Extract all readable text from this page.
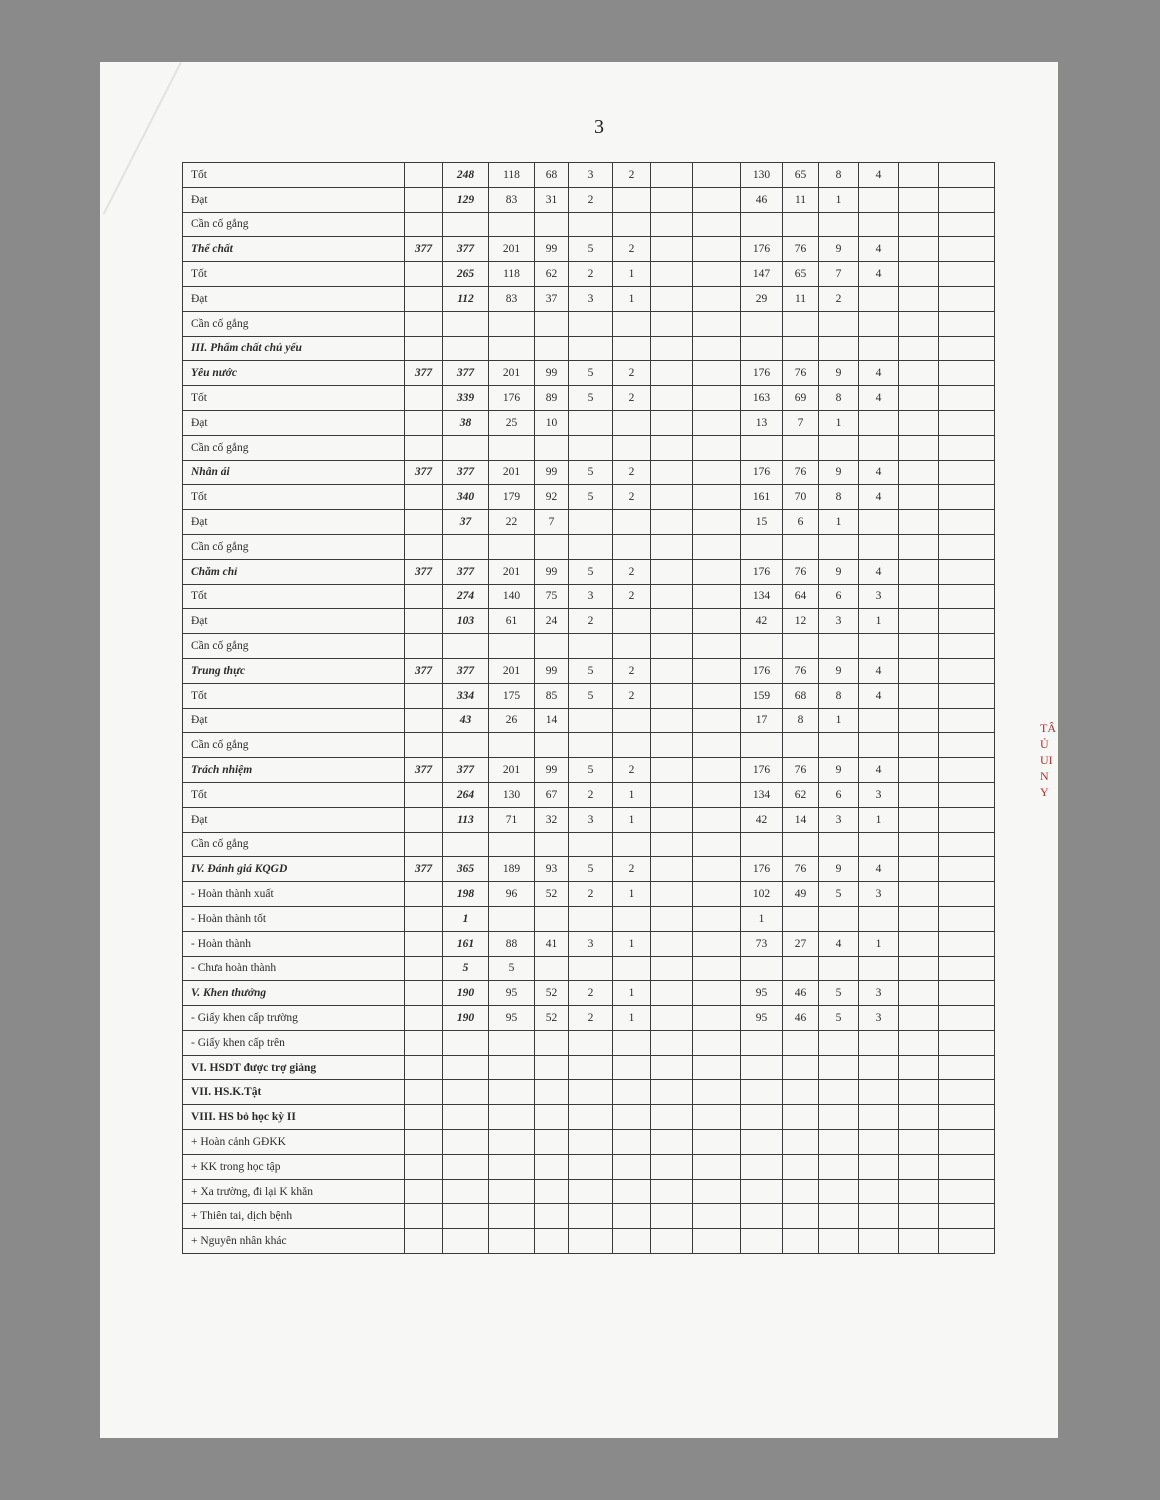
3
Tốt		248	118	68	3	2			130	65	8	4		
Đạt		129	83	31	2				46	11	1			
Cần cố gắng														
Thể chất	377	377	201	99	5	2			176	76	9	4		
Tốt		265	118	62	2	1			147	65	7	4		
Đạt		112	83	37	3	1			29	11	2			
Cần cố gắng														
III. Phẩm chất chủ yếu														
Yêu nước	377	377	201	99	5	2			176	76	9	4		
Tốt		339	176	89	5	2			163	69	8	4		
Đạt		38	25	10					13	7	1			
Cần cố gắng														
Nhân ái	377	377	201	99	5	2			176	76	9	4		
Tốt		340	179	92	5	2			161	70	8	4		
Đạt		37	22	7					15	6	1			
Cần cố gắng														
Chăm chỉ	377	377	201	99	5	2			176	76	9	4		
Tốt		274	140	75	3	2			134	64	6	3		
Đạt		103	61	24	2				42	12	3	1		
Cần cố gắng														
Trung thực	377	377	201	99	5	2			176	76	9	4		
Tốt		334	175	85	5	2			159	68	8	4		
Đạt		43	26	14					17	8	1			
Cần cố gắng														
Trách nhiệm	377	377	201	99	5	2			176	76	9	4		
Tốt		264	130	67	2	1			134	62	6	3		
Đạt		113	71	32	3	1			42	14	3	1		
Cần cố gắng														
IV. Đánh giá KQGD	377	365	189	93	5	2			176	76	9	4		
- Hoàn thành xuất		198	96	52	2	1			102	49	5	3		
- Hoàn thành tốt		1							1					
- Hoàn thành		161	88	41	3	1			73	27	4	1		
- Chưa hoàn thành		5	5											
V. Khen thưởng		190	95	52	2	1			95	46	5	3		
- Giấy khen cấp trường		190	95	52	2	1			95	46	5	3		
- Giấy khen cấp trên														
VI. HSDT được trợ giảng														
VII. HS.K.Tật														
VIII. HS bỏ học kỳ II														
+ Hoàn cảnh GĐKK														
+ KK trong học tập														
+ Xa trường, đi lại K khăn														
+ Thiên tai, dịch bệnh														
+ Nguyên nhân khác														
TÂ
Ủ
UI
N
Y
